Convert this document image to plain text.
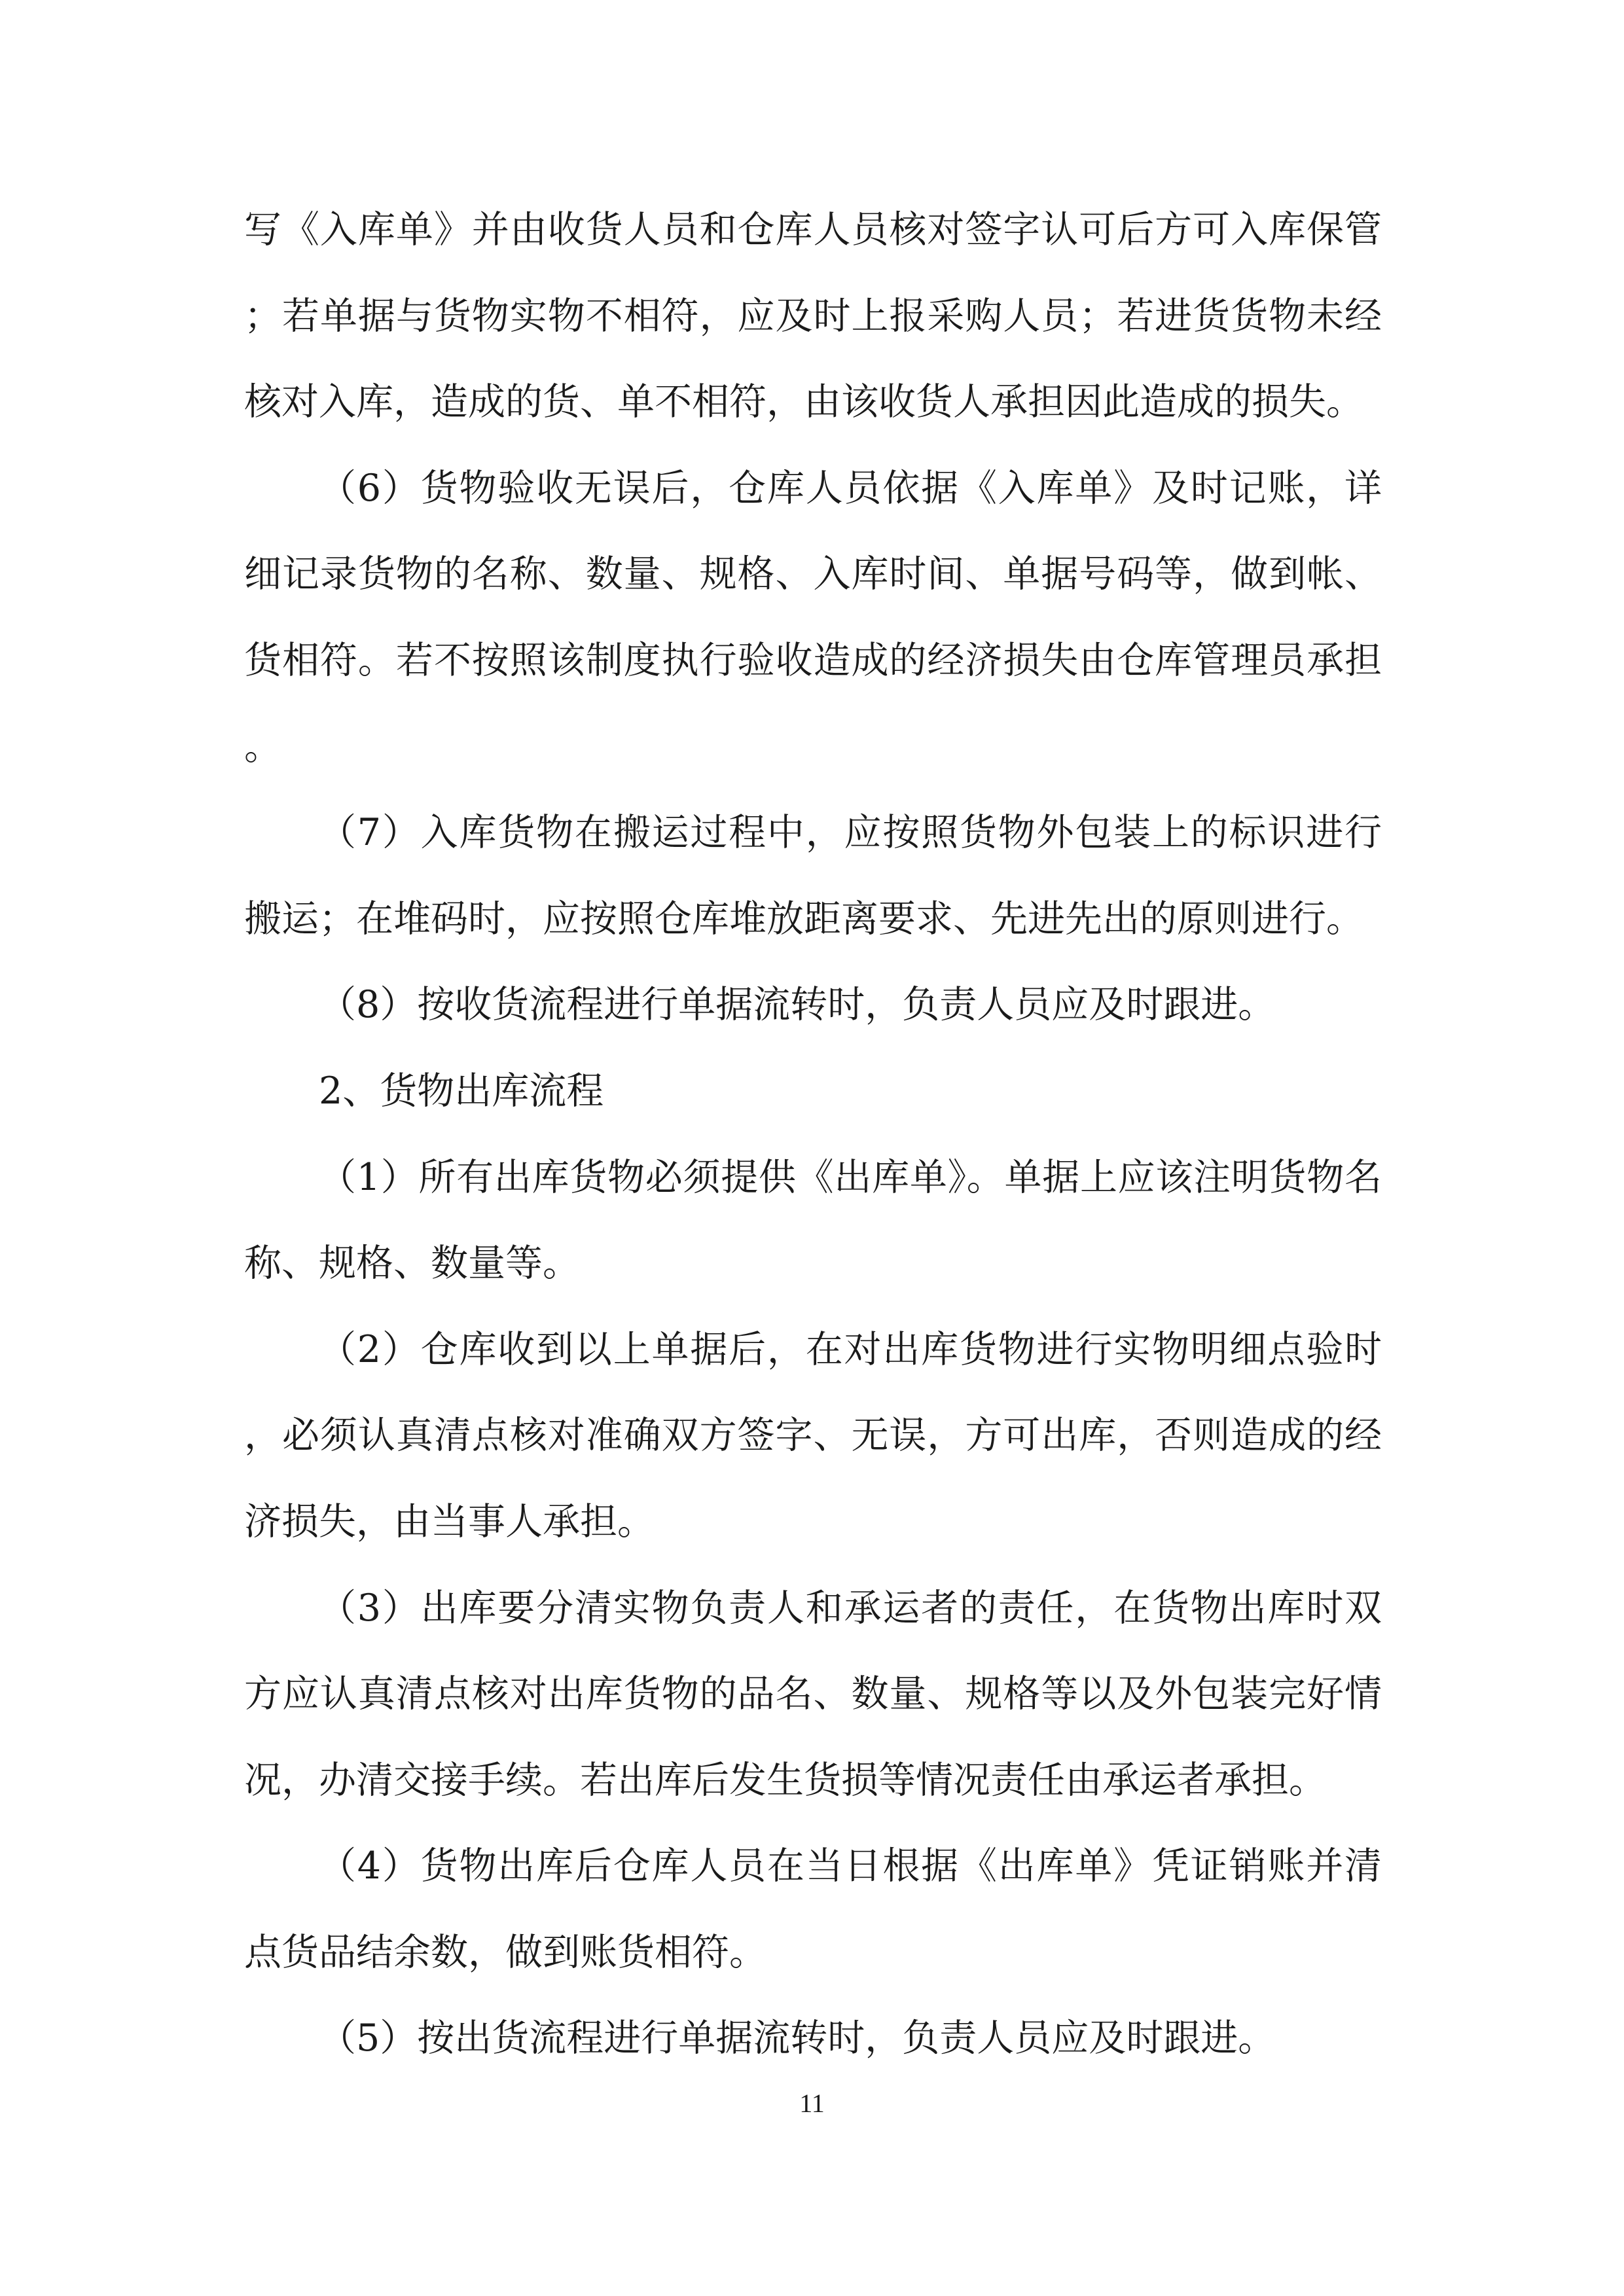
写《入库单》并由收货人员和仓库人员核对签字认可后方可入库保管；若单据与货物实物不相符，应及时上报采购人员；若进货货物未经核对入库，造成的货、单不相符，由该收货人承担因此造成的损失。

（6）货物验收无误后，仓库人员依据《入库单》及时记账，详细记录货物的名称、数量、规格、入库时间、单据号码等，做到帐、货相符。若不按照该制度执行验收造成的经济损失由仓库管理员承担。

（7）入库货物在搬运过程中，应按照货物外包装上的标识进行搬运；在堆码时，应按照仓库堆放距离要求、先进先出的原则进行。

（8）按收货流程进行单据流转时，负责人员应及时跟进。

2、货物出库流程

（1）所有出库货物必须提供《出库单》。单据上应该注明货物名称、规格、数量等。

（2）仓库收到以上单据后，在对出库货物进行实物明细点验时，必须认真清点核对准确双方签字、无误，方可出库，否则造成的经济损失，由当事人承担。

（3）出库要分清实物负责人和承运者的责任，在货物出库时双方应认真清点核对出库货物的品名、数量、规格等以及外包装完好情况，办清交接手续。若出库后发生货损等情况责任由承运者承担。

（4）货物出库后仓库人员在当日根据《出库单》凭证销账并清点货品结余数，做到账货相符。

（5）按出货流程进行单据流转时，负责人员应及时跟进。

11
